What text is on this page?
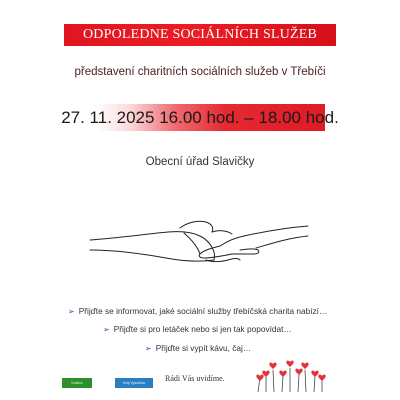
ODPOLEDNE SOCIÁLNÍCH SLUŽEB
představení charitních sociálních služeb v Třebíči
27. 11. 2025 16.00 hod. – 18.00 hod.
Obecní úřad Slavičky
➢ Přijďte se informovat, jaké sociální služby třebíčská charita nabízí…
➢ Přijďte si pro letáček nebo si jen tak popovídat…
➢ Přijďte si vypít kávu, čaj…
Rádi Vás uvidíme.
Vodafon	Kraj Vysočina
